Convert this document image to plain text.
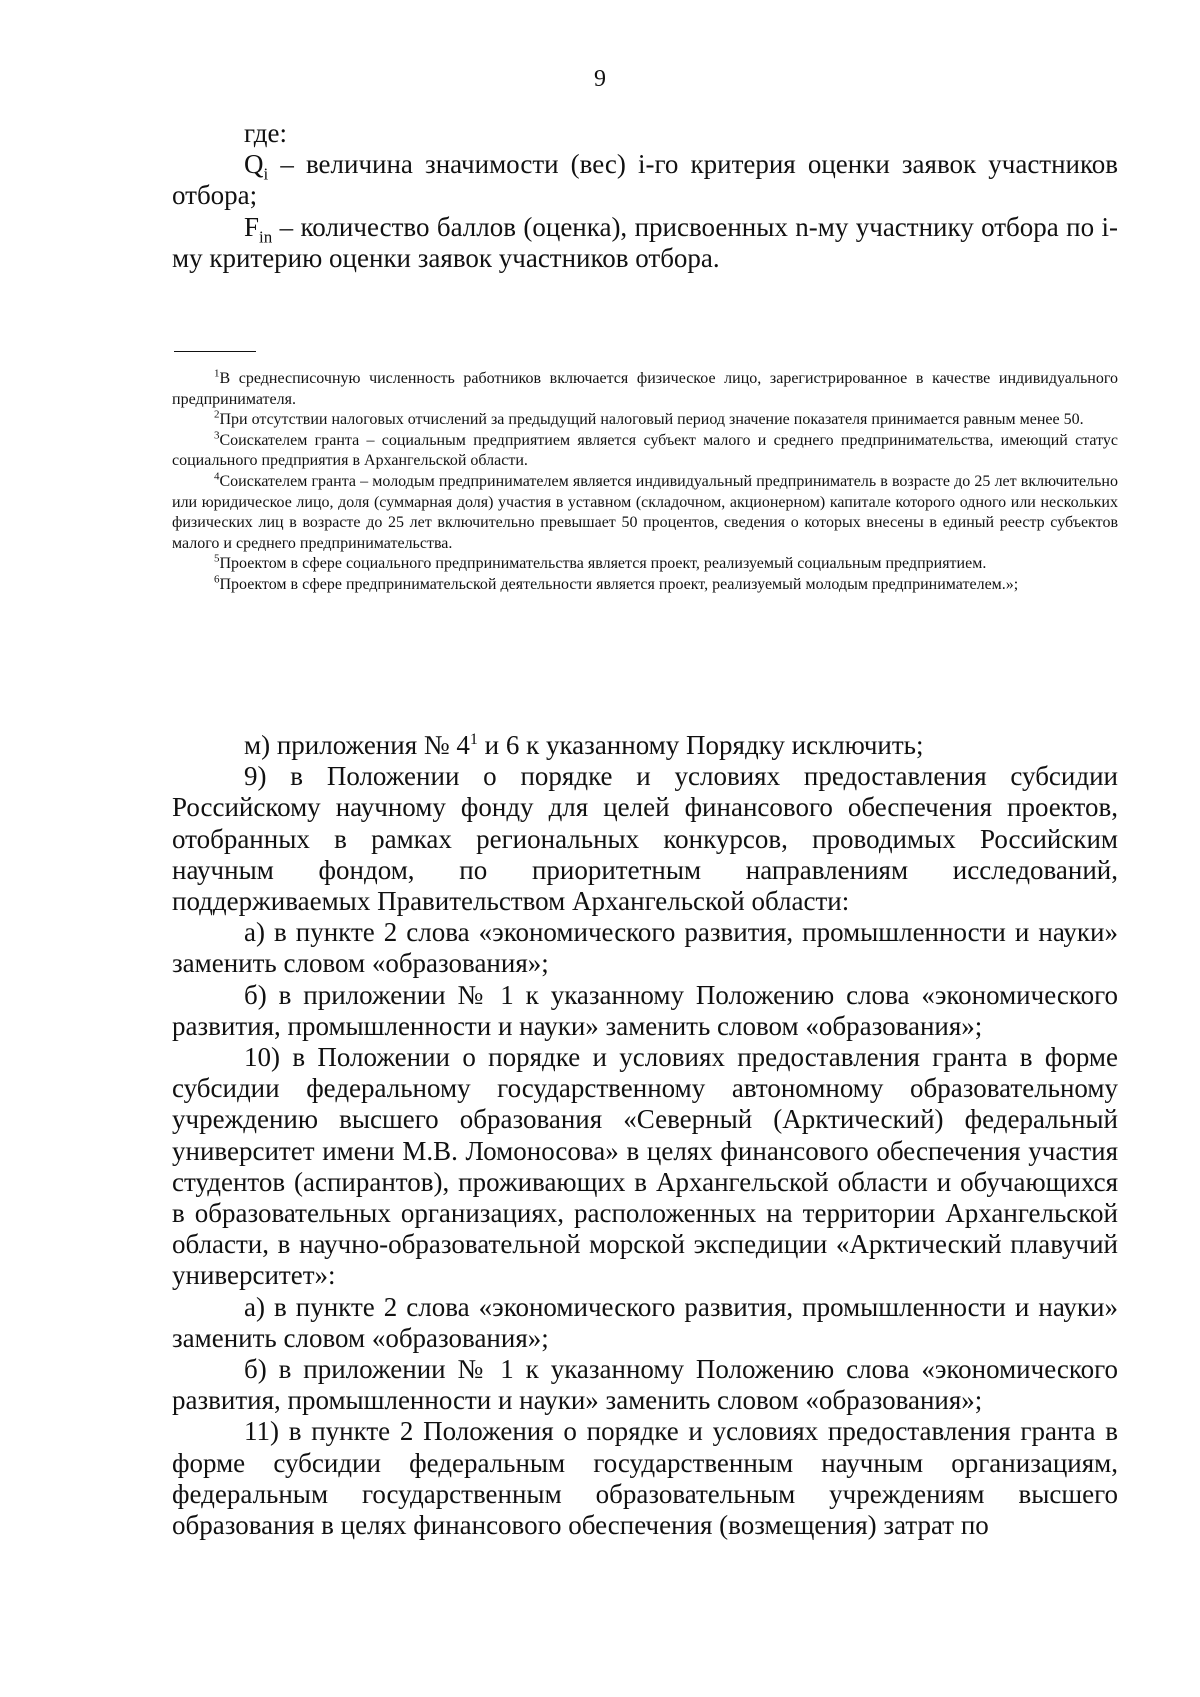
9

где:

$Q_i$ – величина значимости (вес) i-го критерия оценки заявок участников отбора;

$F_{in}$ – количество баллов (оценка), присвоенных n-му участнику отбора по i-му критерию оценки заявок участников отбора.

$^1$В среднесписочную численность работников включается физическое лицо, зарегистрированное в качестве индивидуального предпринимателя.

$^2$При отсутствии налоговых отчислений за предыдущий налоговый период значение показателя принимается равным менее 50.

$^3$Соискателем гранта – социальным предприятием является субъект малого и среднего предпринимательства, имеющий статус социального предприятия в Архангельской области.

$^4$Соискателем гранта – молодым предпринимателем является индивидуальный предприниматель в возрасте до 25 лет включительно или юридическое лицо, доля (суммарная доля) участия в уставном (складочном, акционерном) капитале которого одного или нескольких физических лиц в возрасте до 25 лет включительно превышает 50 процентов, сведения о которых внесены в единый реестр субъектов малого и среднего предпринимательства.

$^5$Проектом в сфере социального предпринимательства является проект, реализуемый социальным предприятием.

$^6$Проектом в сфере предпринимательской деятельности является проект, реализуемый молодым предпринимателем.»;

м) приложения № $4^1$ и 6 к указанному Порядку исключить;

9) в Положении о порядке и условиях предоставления субсидии Российскому научному фонду для целей финансового обеспечения проектов, отобранных в рамках региональных конкурсов, проводимых Российским научным фондом, по приоритетным направлениям исследований, поддерживаемых Правительством Архангельской области:

а) в пункте 2 слова «экономического развития, промышленности и науки» заменить словом «образования»;

б) в приложении № 1 к указанному Положению слова «экономического развития, промышленности и науки» заменить словом «образования»;

10) в Положении о порядке и условиях предоставления гранта в форме субсидии федеральному государственному автономному образовательному учреждению высшего образования «Северный (Арктический) федеральный университет имени М.В. Ломоносова» в целях финансового обеспечения участия студентов (аспирантов), проживающих в Архангельской области и обучающихся в образовательных организациях, расположенных на территории Архангельской области, в научно-образовательной морской экспедиции «Арктический плавучий университет»:

а) в пункте 2 слова «экономического развития, промышленности и науки» заменить словом «образования»;

б) в приложении № 1 к указанному Положению слова «экономического развития, промышленности и науки» заменить словом «образования»;

11) в пункте 2 Положения о порядке и условиях предоставления гранта в форме субсидии федеральным государственным научным организациям, федеральным государственным образовательным учреждениям высшего образования в целях финансового обеспечения (возмещения) затрат по
